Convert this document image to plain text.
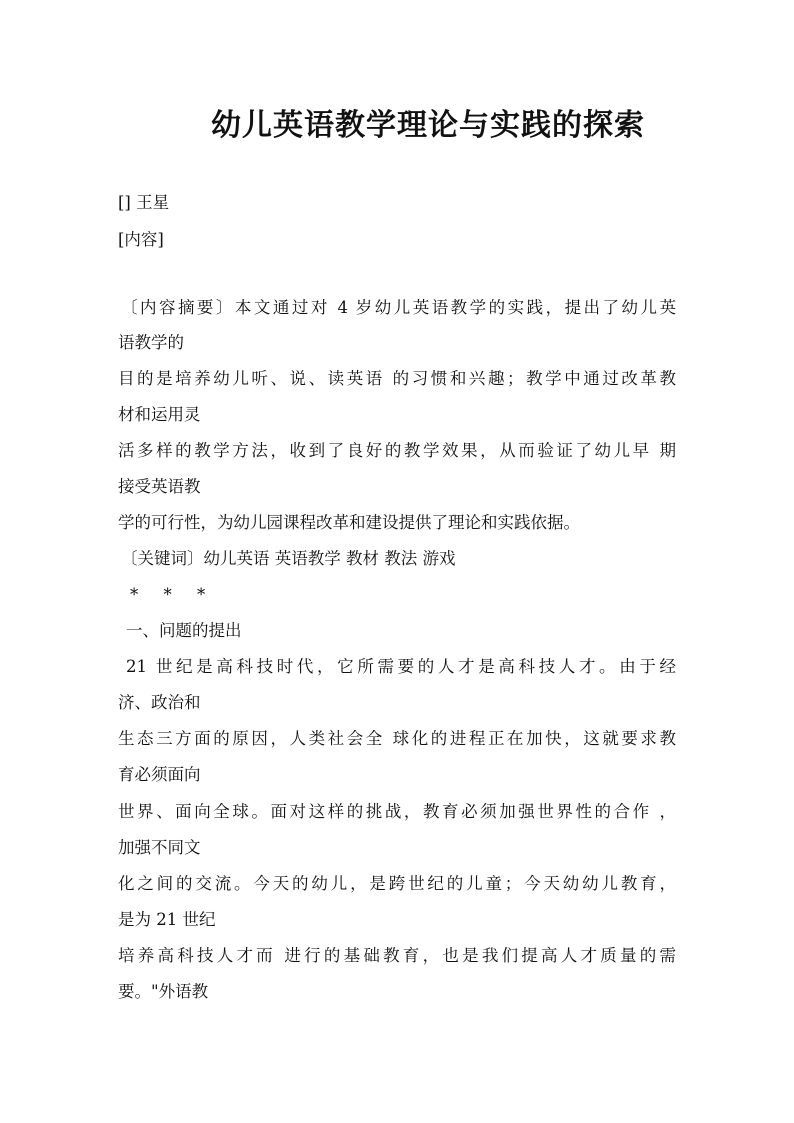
幼儿英语教学理论与实践的探索
[] 王星
[内容]
〔内容摘要〕本文通过对 4 岁幼儿英语教学的实践，提出了幼儿英
语教学的
目的是培养幼儿听、说、读英语 的习惯和兴趣；教学中通过改革教
材和运用灵
活多样的教学方法，收到了良好的教学效果，从而验证了幼儿早 期
接受英语教
学的可行性，为幼儿园课程改革和建设提供了理论和实践依据。
〔关键词〕幼儿英语 英语教学 教材 教法 游戏
* * *
一、问题的提出
21 世纪是高科技时代，它所需要的人才是高科技人才。由于经
济、政治和
生态三方面的原因，人类社会全 球化的进程正在加快，这就要求教
育必须面向
世界、面向全球。面对这样的挑战，教育必须加强世界性的合作 ，
加强不同文
化之间的交流。今天的幼儿，是跨世纪的儿童；今天幼幼儿教育，
是为 21 世纪
培养高科技人才而 进行的基础教育，也是我们提高人才质量的需
要。"外语教
